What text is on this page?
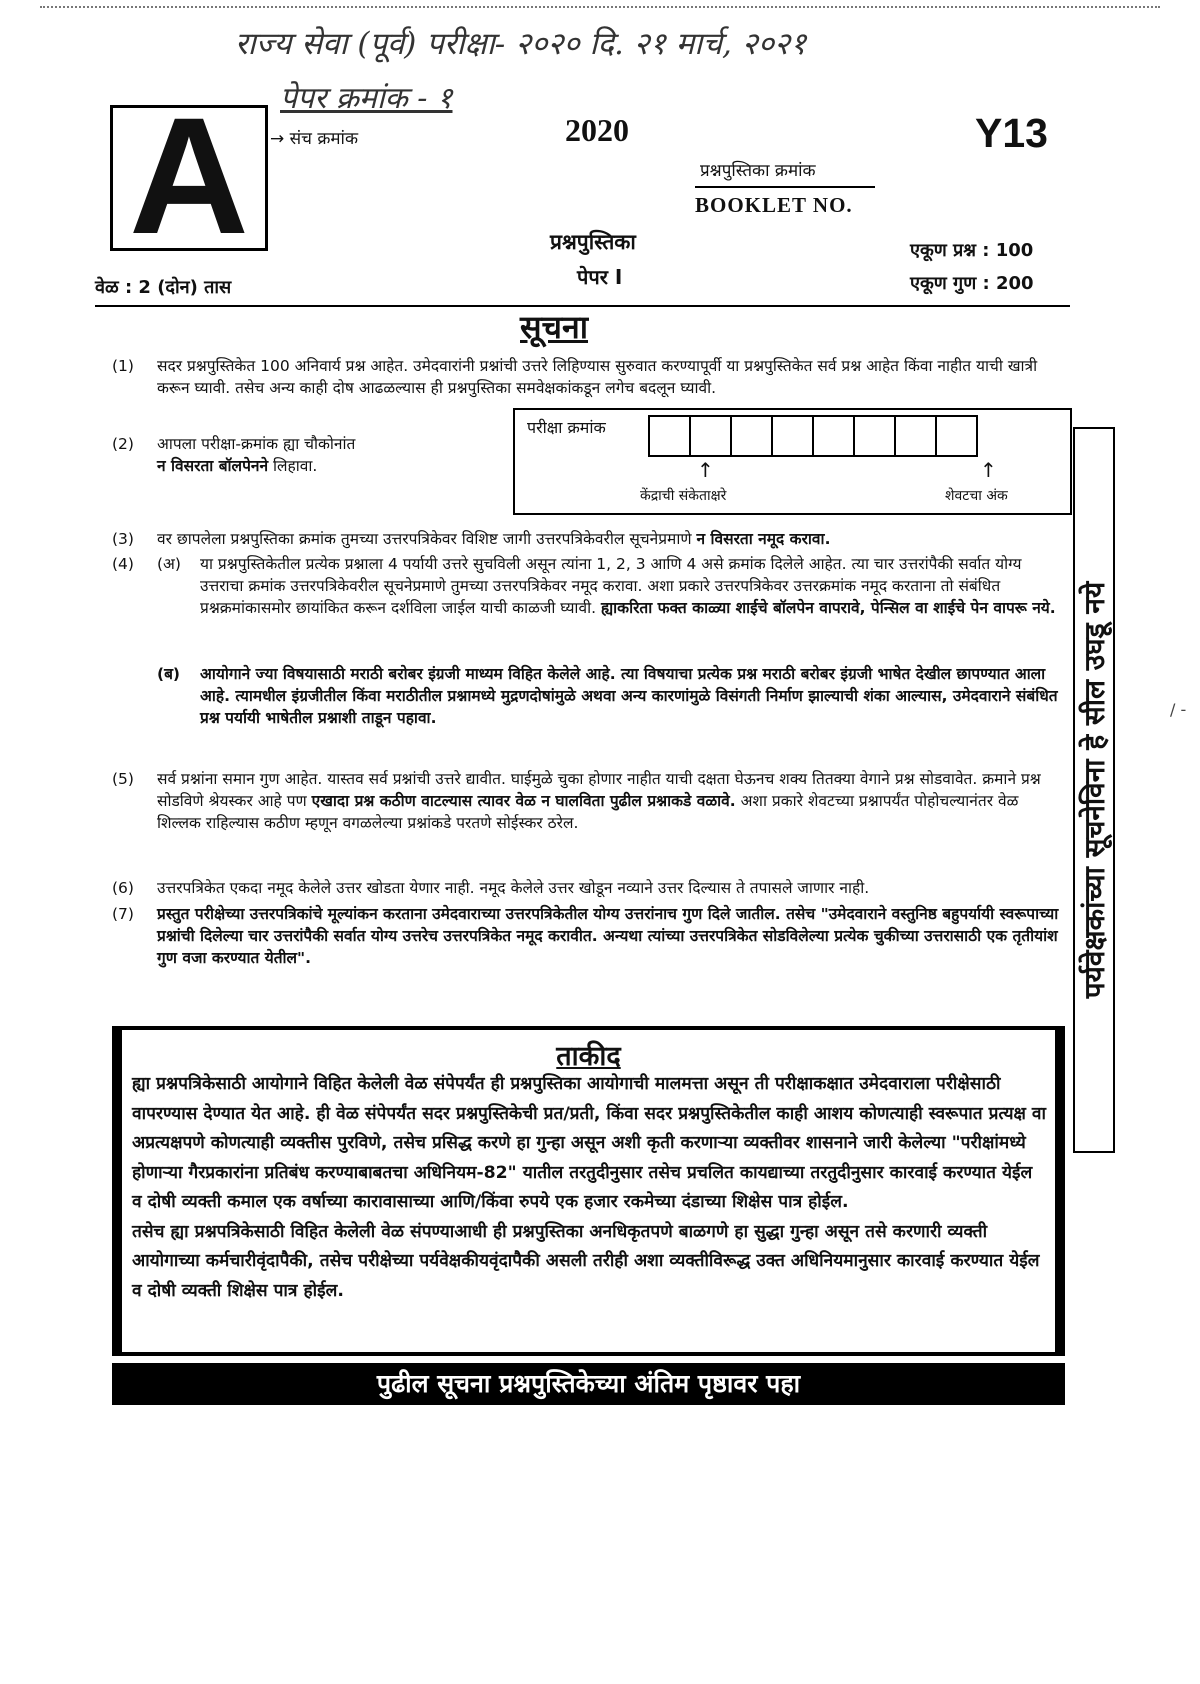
राज्य सेवा (पूर्व) परीक्षा- २०२० दि. २१ मार्च, २०२१
पेपर क्रमांक - १
A	→ संच क्रमांक	2020	Y13
प्रश्नपुस्तिका क्रमांक
BOOKLET NO.
प्रश्नपुस्तिका
पेपर I
एकूण प्रश्न : 100
एकूण गुण : 200
वेळ : 2 (दोन) तास
सूचना
(1) सदर प्रश्नपुस्तिकेत 100 अनिवार्य प्रश्न आहेत. उमेदवारांनी प्रश्नांची उत्तरे लिहिण्यास सुरुवात करण्यापूर्वी या प्रश्नपुस्तिकेत सर्व प्रश्न आहेत किंवा नाहीत याची खात्री करून घ्यावी. तसेच अन्य काही दोष आढळल्यास ही प्रश्नपुस्तिका समवेक्षकांकडून लगेच बदलून घ्यावी.
(2) आपला परीक्षा-क्रमांक ह्या चौकोनांत
न विसरता बॉलपेनने लिहावा.
परीक्षा क्रमांक
↑
केंद्राची संकेताक्षरे
↑
शेवटचा अंक
(3) वर छापलेला प्रश्नपुस्तिका क्रमांक तुमच्या उत्तरपत्रिकेवर विशिष्ट जागी उत्तरपत्रिकेवरील सूचनेप्रमाणे न विसरता नमूद करावा.
(4) (अ) या प्रश्नपुस्तिकेतील प्रत्येक प्रश्नाला 4 पर्यायी उत्तरे सुचविली असून त्यांना 1, 2, 3 आणि 4 असे क्रमांक दिलेले आहेत. त्या चार उत्तरांपैकी सर्वात योग्य उत्तराचा क्रमांक उत्तरपत्रिकेवरील सूचनेप्रमाणे तुमच्या उत्तरपत्रिकेवर नमूद करावा. अशा प्रकारे उत्तरपत्रिकेवर उत्तरक्रमांक नमूद करताना तो संबंधित प्रश्नक्रमांकासमोर छायांकित करून दर्शविला जाईल याची काळजी घ्यावी. ह्याकरिता फक्त काळ्या शाईचे बॉलपेन वापरावे, पेन्सिल वा शाईचे पेन वापरू नये.
(ब) आयोगाने ज्या विषयासाठी मराठी बरोबर इंग्रजी माध्यम विहित केलेले आहे. त्या विषयाचा प्रत्येक प्रश्न मराठी बरोबर इंग्रजी भाषेत देखील छापण्यात आला आहे. त्यामधील इंग्रजीतील किंवा मराठीतील प्रश्नामध्ये मुद्रणदोषांमुळे अथवा अन्य कारणांमुळे विसंगती निर्माण झाल्याची शंका आल्यास, उमेदवाराने संबंधित प्रश्न पर्यायी भाषेतील प्रश्नाशी ताडून पहावा.
(5) सर्व प्रश्नांना समान गुण आहेत. यास्तव सर्व प्रश्नांची उत्तरे द्यावीत. घाईमुळे चुका होणार नाहीत याची दक्षता घेऊनच शक्य तितक्या वेगाने प्रश्न सोडवावेत. क्रमाने प्रश्न सोडविणे श्रेयस्कर आहे पण एखादा प्रश्न कठीण वाटल्यास त्यावर वेळ न घालविता पुढील प्रश्नाकडे वळावे. अशा प्रकारे शेवटच्या प्रश्नापर्यंत पोहोचल्यानंतर वेळ शिल्लक राहिल्यास कठीण म्हणून वगळलेल्या प्रश्नांकडे परतणे सोईस्कर ठरेल.
(6) उत्तरपत्रिकेत एकदा नमूद केलेले उत्तर खोडता येणार नाही. नमूद केलेले उत्तर खोडून नव्याने उत्तर दिल्यास ते तपासले जाणार नाही.
(7) प्रस्तुत परीक्षेच्या उत्तरपत्रिकांचे मूल्यांकन करताना उमेदवाराच्या उत्तरपत्रिकेतील योग्य उत्तरांनाच गुण दिले जातील. तसेच "उमेदवाराने वस्तुनिष्ठ बहुपर्यायी स्वरूपाच्या प्रश्नांची दिलेल्या चार उत्तरांपैकी सर्वात योग्य उत्तरेच उत्तरपत्रिकेत नमूद करावीत. अन्यथा त्यांच्या उत्तरपत्रिकेत सोडविलेल्या प्रत्येक चुकीच्या उत्तरासाठी एक तृतीयांश गुण वजा करण्यात येतील".	पर्यवेक्षकांच्या सूचनेविना हे सील उघडू नये	/ -
ताकीद
ह्या प्रश्नपत्रिकेसाठी आयोगाने विहित केलेली वेळ संपेपर्यंत ही प्रश्नपुस्तिका आयोगाची मालमत्ता असून ती परीक्षाकक्षात उमेदवाराला परीक्षेसाठी वापरण्यास देण्यात येत आहे. ही वेळ संपेपर्यंत सदर प्रश्नपुस्तिकेची प्रत/प्रती, किंवा सदर प्रश्नपुस्तिकेतील काही आशय कोणत्याही स्वरूपात प्रत्यक्ष वा अप्रत्यक्षपणे कोणत्याही व्यक्तीस पुरविणे, तसेच प्रसिद्ध करणे हा गुन्हा असून अशी कृती करणाऱ्या व्यक्तीवर शासनाने जारी केलेल्या "परीक्षांमध्ये होणाऱ्या गैरप्रकारांना प्रतिबंध करण्याबाबतचा अधिनियम-82" यातील तरतुदीनुसार तसेच प्रचलित कायद्याच्या तरतुदीनुसार कारवाई करण्यात येईल व दोषी व्यक्ती कमाल एक वर्षाच्या कारावासाच्या आणि/किंवा रुपये एक हजार रकमेच्या दंडाच्या शिक्षेस पात्र होईल.
तसेच ह्या प्रश्नपत्रिकेसाठी विहित केलेली वेळ संपण्याआधी ही प्रश्नपुस्तिका अनधिकृतपणे बाळगणे हा सुद्धा गुन्हा असून तसे करणारी व्यक्ती आयोगाच्या कर्मचारीवृंदापैकी, तसेच परीक्षेच्या पर्यवेक्षकीयवृंदापैकी असली तरीही अशा व्यक्तीविरूद्ध उक्त अधिनियमानुसार कारवाई करण्यात येईल व दोषी व्यक्ती शिक्षेस पात्र होईल.
पुढील सूचना प्रश्नपुस्तिकेच्या अंतिम पृष्ठावर पहा
